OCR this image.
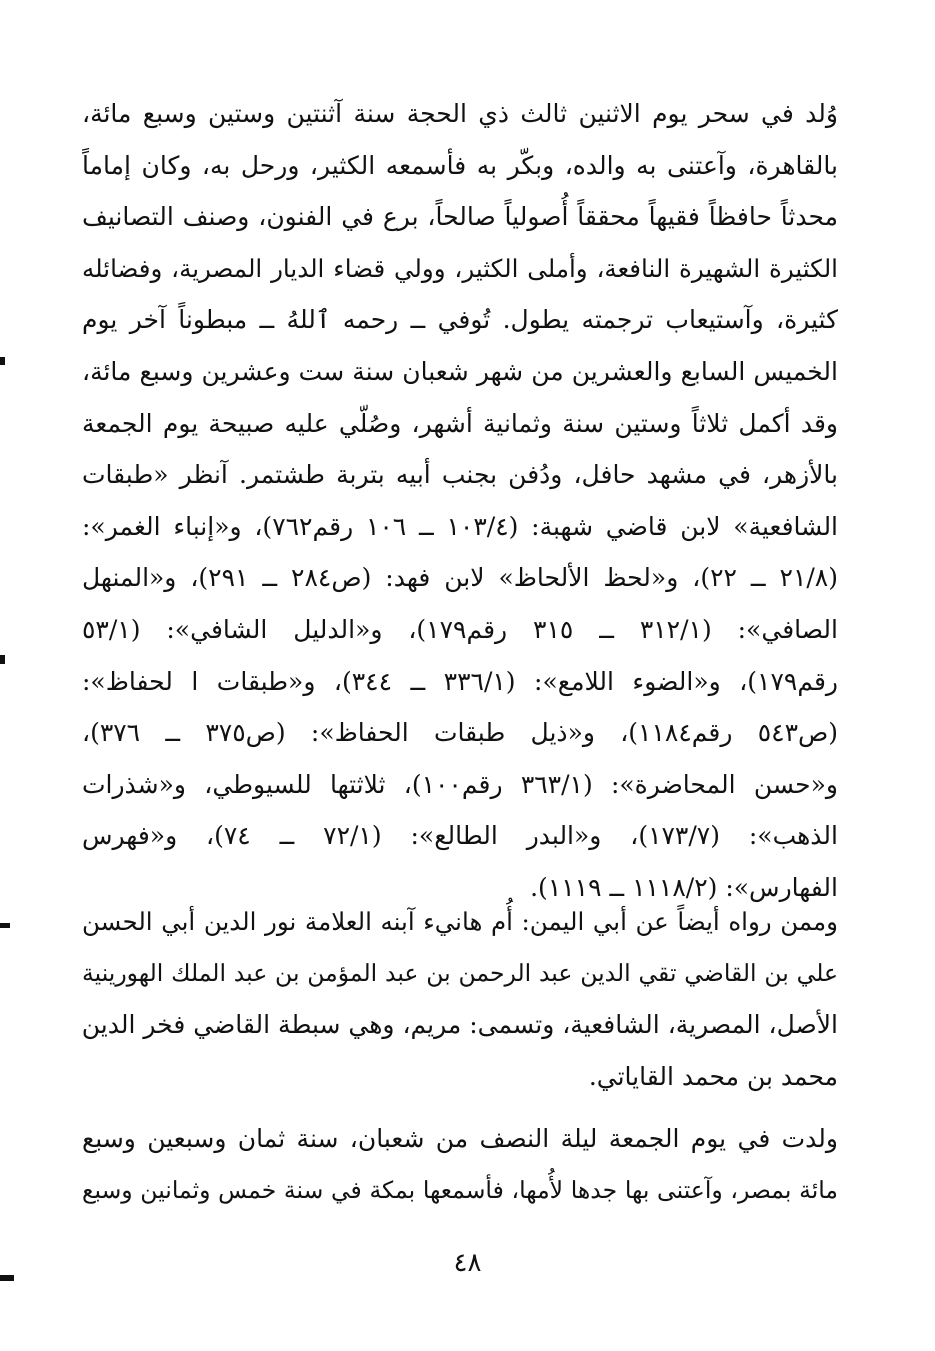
وُلد في سحر يوم الاثنين ثالث ذي الحجة سنة آثنتين وستين وسبع مائة،
بالقاهرة، وآعتنى به والده، وبكّر به فأسمعه الكثير، ورحل به، وكان إماماً
محدثاً حافظاً فقيهاً محققاً أُصولياً صالحاً، برع في الفنون، وصنف التصانيف
الكثيرة الشهيرة النافعة، وأملى الكثير، وولي قضاء الديار المصرية، وفضائله
كثيرة، وآستيعاب ترجمته يطول. تُوفي ــ رحمه ٱللهُ ــ مبطوناً آخر يوم
الخميس السابع والعشرين من شهر شعبان سنة ست وعشرين وسبع مائة،
وقد أكمل ثلاثاً وستين سنة وثمانية أشهر، وصُلّي عليه صبيحة يوم الجمعة
بالأزهر، في مشهد حافل، ودُفن بجنب أبيه بتربة طشتمر. آنظر «طبقات
الشافعية» لابن قاضي شهبة: (١٠٣/٤ ــ ١٠٦ رقم٧٦٢)، و«إنباء الغمر»:
(٢١/٨ ــ ٢٢)، و«لحظ الألحاظ» لابن فهد: (ص٢٨٤ ــ ٢٩١)، و«المنهل
الصافي»: (٣١٢/١ ــ ٣١٥ رقم١٧٩)، و«الدليل الشافي»: (٥٣/١
رقم١٧٩)، و«الضوء اللامع»: (٣٣٦/١ ــ ٣٤٤)، و«طبقات ا لحفاظ»:
(ص٥٤٣ رقم١١٨٤)، و«ذيل طبقات الحفاظ»: (ص٣٧٥ ــ ٣٧٦)،
و«حسن المحاضرة»: (٣٦٣/١ رقم١٠٠)، ثلاثتها للسيوطي، و«شذرات
الذهب»: (١٧٣/٧)، و«البدر الطالع»: (٧٢/١ ــ ٧٤)، و«فهرس
الفهارس»: (١١١٨/٢ ــ ١١١٩).
وممن رواه أيضاً عن أبي اليمن: أُم هانيء آبنه العلامة نور الدين أبي الحسن
علي بن القاضي تقي الدين عبد الرحمن بن عبد المؤمن بن عبد الملك الهورينية
الأصل، المصرية، الشافعية، وتسمى: مريم، وهي سبطة القاضي فخر الدين
محمد بن محمد القاياتي.
ولدت في يوم الجمعة ليلة النصف من شعبان، سنة ثمان وسبعين وسبع
مائة بمصر، وآعتنى بها جدها لأُمها، فأسمعها بمكة في سنة خمس وثمانين وسبع
٤٨
